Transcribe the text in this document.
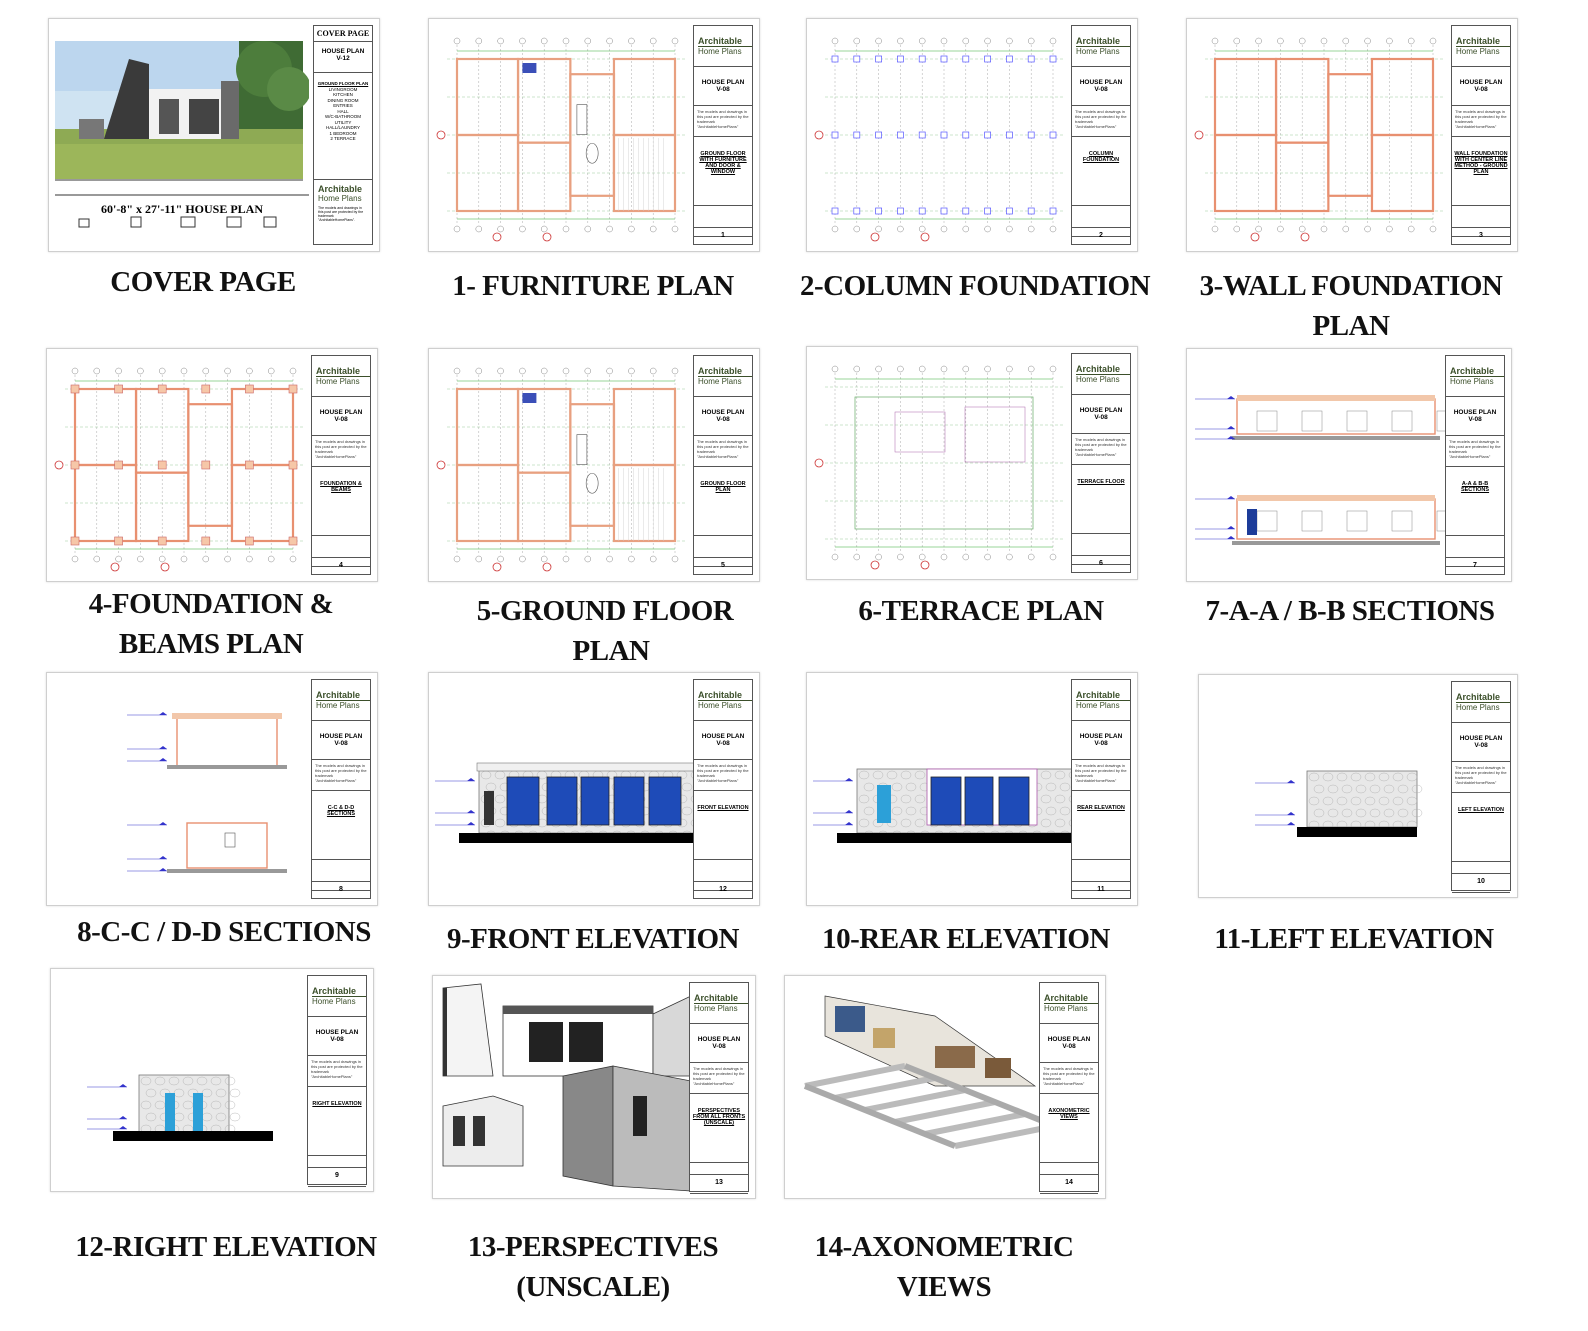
60'-8" x 27'-11" HOUSE PLAN
COVER PAGE
HOUSE PLAN
V-12
GROUND FLOOR PLAN
LIVINGROOM
KITCHEN
DINING ROOM
ENTRIES
HALL
W/C-BATHROOM
UTILITY
HALL/LAUNDRY
1 BEDROOM
2 TERRACE
Architable
Home Plans
The models and drawings in this post are protected by the trademark "ArchitableHomePlans".
Architable
Home Plans
HOUSE PLAN
V-08
The models and drawings in this post are protected by the trademark "ArchitableHomePlans"
GROUND FLOOR WITH FURNITURE AND DOOR & WINDOW
1
Architable
Home Plans
HOUSE PLAN
V-08
The models and drawings in this post are protected by the trademark "ArchitableHomePlans"
COLUMN FOUNDATION
2
Architable
Home Plans
HOUSE PLAN
V-08
The models and drawings in this post are protected by the trademark "ArchitableHomePlans"
WALL FOUNDATION WITH CENTER LINE METHOD - GROUND PLAN
3
COVER PAGE	1- FURNITURE PLAN	2-COLUMN FOUNDATION	3-WALL FOUNDATION
PLAN
Architable
Home Plans
HOUSE PLAN
V-08
The models and drawings in this post are protected by the trademark "ArchitableHomePlans"
FOUNDATION & BEAMS
4
Architable
Home Plans
HOUSE PLAN
V-08
The models and drawings in this post are protected by the trademark "ArchitableHomePlans"
GROUND FLOOR PLAN
5
Architable
Home Plans
HOUSE PLAN
V-08
The models and drawings in this post are protected by the trademark "ArchitableHomePlans"
TERRACE FLOOR
6
Architable
Home Plans
HOUSE PLAN
V-08
The models and drawings in this post are protected by the trademark "ArchitableHomePlans"
A-A & B-B SECTIONS
7
4-FOUNDATION &
BEAMS PLAN
5-GROUND FLOOR
PLAN
6-TERRACE PLAN	7-A-A / B-B SECTIONS
Architable
Home Plans
HOUSE PLAN
V-08
The models and drawings in this post are protected by the trademark "ArchitableHomePlans"
C-C & D-D SECTIONS
8
Architable
Home Plans
HOUSE PLAN
V-08
The models and drawings in this post are protected by the trademark "ArchitableHomePlans"
FRONT ELEVATION
12
Architable
Home Plans
HOUSE PLAN
V-08
The models and drawings in this post are protected by the trademark "ArchitableHomePlans"
REAR ELEVATION
11
Architable
Home Plans
HOUSE PLAN
V-08
The models and drawings in this post are protected by the trademark "ArchitableHomePlans"
LEFT ELEVATION
10
8-C-C / D-D SECTIONS	9-FRONT ELEVATION	10-REAR ELEVATION	11-LEFT ELEVATION
Architable
Home Plans
HOUSE PLAN
V-08
The models and drawings in this post are protected by the trademark "ArchitableHomePlans"
RIGHT ELEVATION
9
Architable
Home Plans
HOUSE PLAN
V-08
The models and drawings in this post are protected by the trademark "ArchitableHomePlans"
PERSPECTIVES FROM ALL FRONTS (UNSCALE)
13
Architable
Home Plans
HOUSE PLAN
V-08
The models and drawings in this post are protected by the trademark "ArchitableHomePlans"
AXONOMETRIC VIEWS
14
12-RIGHT ELEVATION	13-PERSPECTIVES
(UNSCALE)
14-AXONOMETRIC
VIEWS
